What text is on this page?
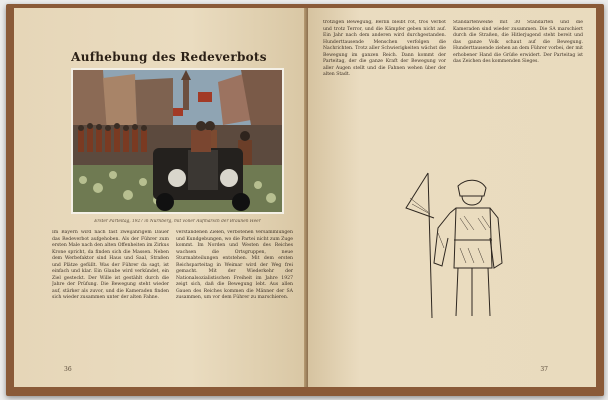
Aufhebung des Redeverbots
Erster Parteitag, 1927 in Nürnberg, mit voller Aufmarsch der Braunen Heer

Im Bayern wird nach fast zweijährigem Dauer das Redeverbot aufgehoben. Als der Führer zum ersten Male nach den alten Offenheiten im Zirkus Krone spricht, da finden sich die Massen. Neben dem Werbefaktor sind Haus und Saal, Straßen und Plätze gefüllt. Was der Führer da sagt, ist einfach und klar. Ein Glaube wird verkündet, ein Ziel gesteckt. Der Wille ist gestählt durch die Jahre der Prüfung. Die Bewegung steht wieder auf, stärker als zuvor, und die Kameraden finden sich wieder zusammen unter der alten Fahne.

verstandenen Zielen, verbotenen Versammlungen und Kundgebungen, wo die Partei nicht zum Zuge kommt. Im Norden und Westen des Reiches wachsen die Ortsgruppen, neue Sturmabteilungen entstehen. Mit dem ersten Reichsparteitag in Weimar wird der Weg frei gemacht. Mit der Wiederkehr der Nationalsozialistischen Freiheit im Jahre 1927 zeigt sich, daß die Bewegung lebt. Aus allen Gauen des Reiches kommen die Männer der SA zusammen, um vor dem Führer zu marschieren.

36

trotzigen Bewegung, Berlin bleibt rot, tros Verbot und trotz Terror, und die Kämpfer geben nicht auf. Ein Jahr nach dem anderen wird durchgestanden. Hunderttausende Menschen verfolgen die Nachrichten. Trotz aller Schwierigkeiten wächst die Bewegung im ganzen Reich. Dann kommt der Parteitag, der die ganze Kraft der Bewegung vor aller Augen stellt und die Fahnen wehen über der alten Stadt.

Standartenweihe mit 30 Standarten und die Kameraden sind wieder zusammen. Die SA marschiert durch die Straßen, die Hitlerjugend steht bereit und das ganze Volk schaut auf die Bewegung. Hunderttausende ziehen an dem Führer vorbei, der mit erhobener Hand die Grüße erwidert. Der Parteitag ist das Zeichen des kommenden Sieges.

37
